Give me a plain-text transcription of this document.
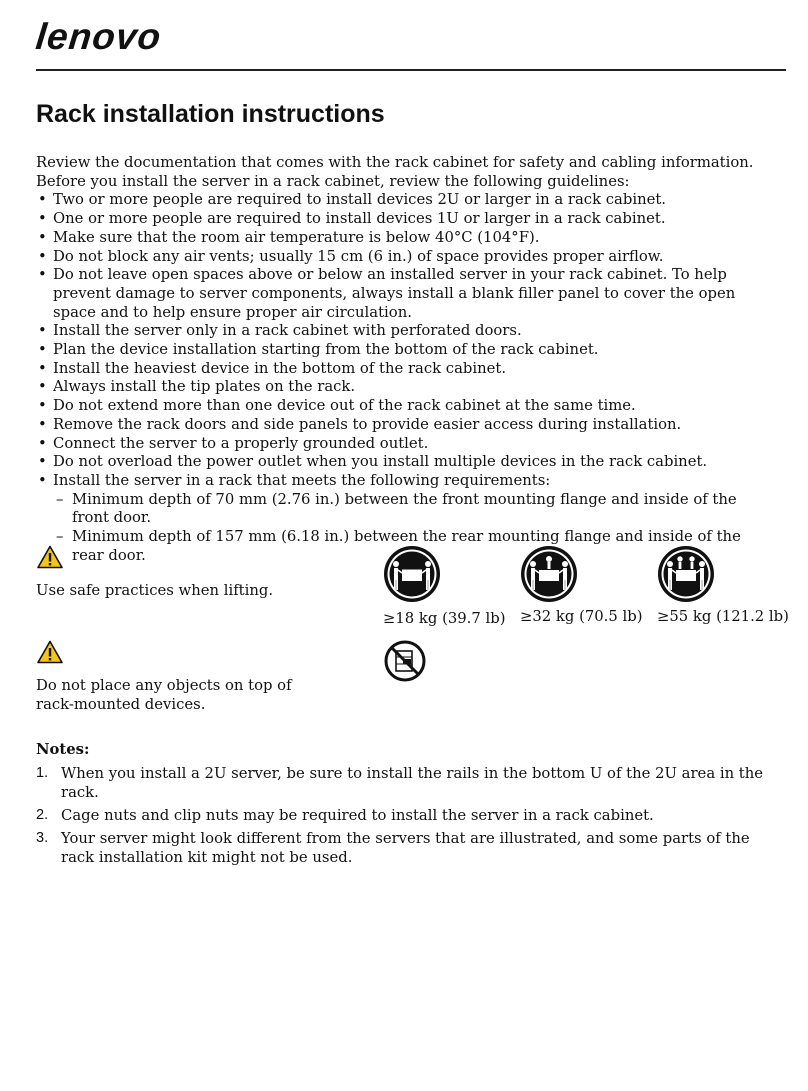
lenovo
Rack installation instructions

Review the documentation that comes with the rack cabinet for safety and cabling information. Before you install the server in a rack cabinet, review the following guidelines:

• Two or more people are required to install devices 2U or larger in a rack cabinet.
• One or more people are required to install devices 1U or larger in a rack cabinet.
• Make sure that the room air temperature is below 40°C (104°F).
• Do not block any air vents; usually 15 cm (6 in.) of space provides proper airflow.
• Do not leave open spaces above or below an installed server in your rack cabinet. To help prevent damage to server components, always install a blank filler panel to cover the open space and to help ensure proper air circulation.
• Install the server only in a rack cabinet with perforated doors.
• Plan the device installation starting from the bottom of the rack cabinet.
• Install the heaviest device in the bottom of the rack cabinet.
• Always install the tip plates on the rack.
• Do not extend more than one device out of the rack cabinet at the same time.
• Remove the rack doors and side panels to provide easier access during installation.
• Connect the server to a properly grounded outlet.
• Do not overload the power outlet when you install multiple devices in the rack cabinet.
• Install the server in a rack that meets the following requirements:
– Minimum depth of 70 mm (2.76 in.) between the front mounting flange and inside of the front door.
– Minimum depth of 157 mm (6.18 in.) between the rear mounting flange and inside of the rear door.

Use safe practices when lifting.

≥18 kg (39.7 lb) ≥32 kg (70.5 lb) ≥55 kg (121.2 lb)

Do not place any objects on top of
rack-mounted devices.

Notes:

1. When you install a 2U server, be sure to install the rails in the bottom U of the 2U area in the rack.
2. Cage nuts and clip nuts may be required to install the server in a rack cabinet.
3. Your server might look different from the servers that are illustrated, and some parts of the rack installation kit might not be used.
